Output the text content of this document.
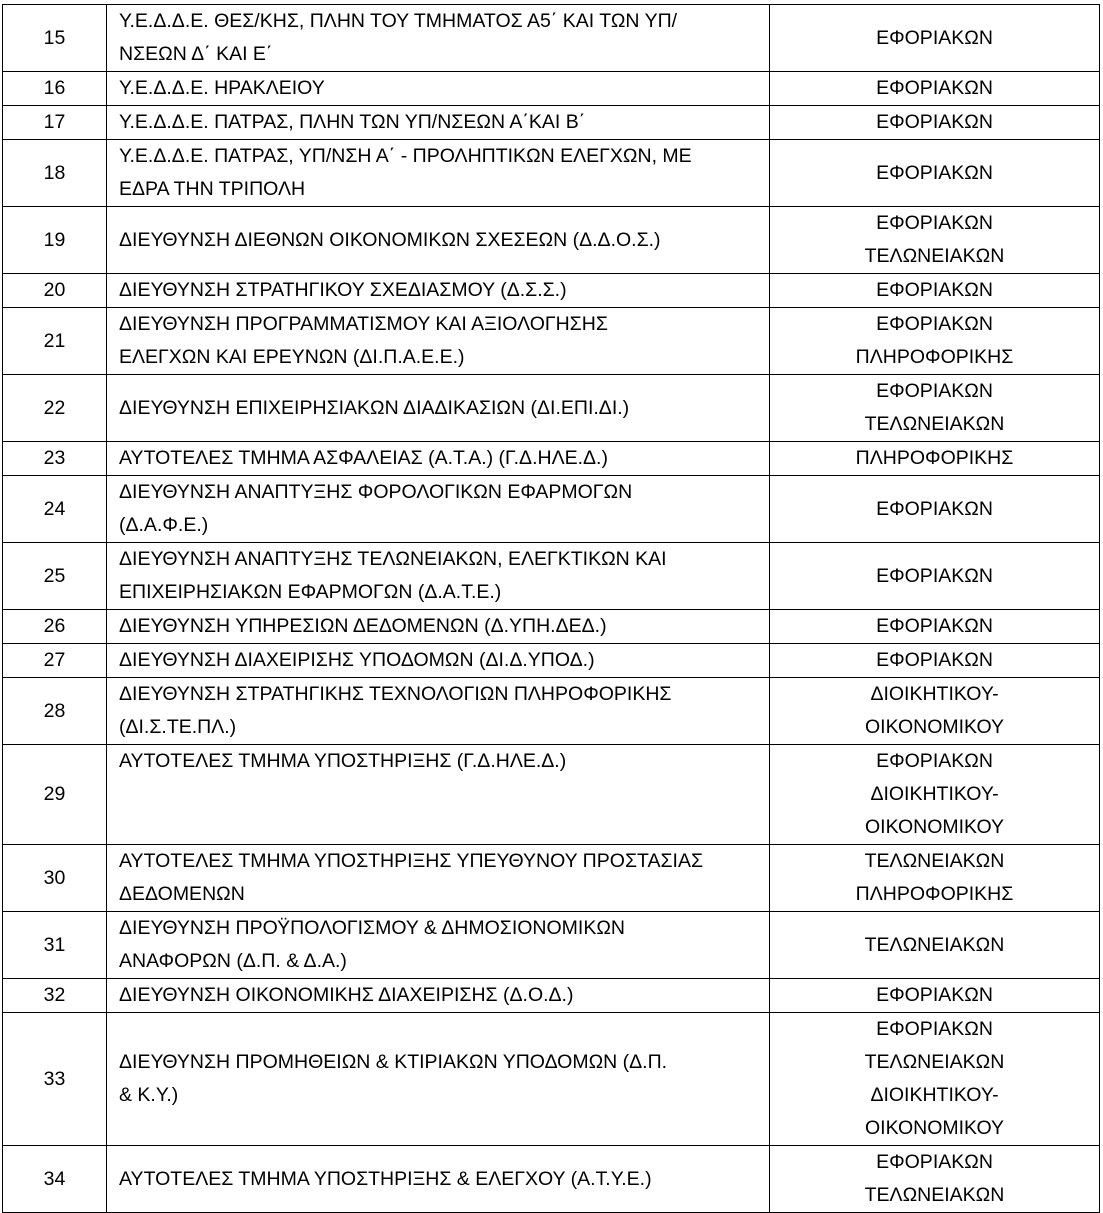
15	Υ.Ε.Δ.Δ.Ε. ΘΕΣ/ΚΗΣ, ΠΛΗΝ ΤΟΥ ΤΜΗΜΑΤΟΣ Α5΄ ΚΑΙ ΤΩΝ ΥΠ/
ΝΣΕΩΝ Δ΄ ΚΑΙ Ε΄	ΕΦΟΡΙΑΚΩΝ

16	Υ.Ε.Δ.Δ.Ε. ΗΡΑΚΛΕΙΟΥ	ΕΦΟΡΙΑΚΩΝ

17	Υ.Ε.Δ.Δ.Ε. ΠΑΤΡΑΣ, ΠΛΗΝ ΤΩΝ ΥΠ/ΝΣΕΩΝ Α΄ΚΑΙ Β΄	ΕΦΟΡΙΑΚΩΝ

18	Υ.Ε.Δ.Δ.Ε. ΠΑΤΡΑΣ, ΥΠ/ΝΣΗ Α΄ - ΠΡΟΛΗΠΤΙΚΩΝ ΕΛΕΓΧΩΝ, ΜΕ
ΕΔΡΑ ΤΗΝ ΤΡΙΠΟΛΗ	ΕΦΟΡΙΑΚΩΝ

19	ΔΙΕΥΘΥΝΣΗ ΔΙΕΘΝΩΝ ΟΙΚΟΝΟΜΙΚΩΝ ΣΧΕΣΕΩΝ (Δ.Δ.Ο.Σ.)	ΕΦΟΡΙΑΚΩΝ
ΤΕΛΩΝΕΙΑΚΩΝ

20	ΔΙΕΥΘΥΝΣΗ ΣΤΡΑΤΗΓΙΚΟΥ ΣΧΕΔΙΑΣΜΟΥ (Δ.Σ.Σ.)	ΕΦΟΡΙΑΚΩΝ

21	ΔΙΕΥΘΥΝΣΗ ΠΡΟΓΡΑΜΜΑΤΙΣΜΟΥ ΚΑΙ ΑΞΙΟΛΟΓΗΣΗΣ
ΕΛΕΓΧΩΝ ΚΑΙ ΕΡΕΥΝΩΝ (ΔΙ.Π.Α.Ε.Ε.)	ΕΦΟΡΙΑΚΩΝ
ΠΛΗΡΟΦΟΡΙΚΗΣ

22	ΔΙΕΥΘΥΝΣΗ ΕΠΙΧΕΙΡΗΣΙΑΚΩΝ ΔΙΑΔΙΚΑΣΙΩΝ (ΔΙ.ΕΠΙ.ΔΙ.)	ΕΦΟΡΙΑΚΩΝ
ΤΕΛΩΝΕΙΑΚΩΝ

23	ΑΥΤΟΤΕΛΕΣ ΤΜΗΜΑ ΑΣΦΑΛΕΙΑΣ (Α.Τ.Α.) (Γ.Δ.ΗΛΕ.Δ.)	ΠΛΗΡΟΦΟΡΙΚΗΣ

24	ΔΙΕΥΘΥΝΣΗ ΑΝΑΠΤΥΞΗΣ ΦΟΡΟΛΟΓΙΚΩΝ ΕΦΑΡΜΟΓΩΝ
(Δ.Α.Φ.Ε.)	ΕΦΟΡΙΑΚΩΝ

25	ΔΙΕΥΘΥΝΣΗ ΑΝΑΠΤΥΞΗΣ ΤΕΛΩΝΕΙΑΚΩΝ, ΕΛΕΓΚΤΙΚΩΝ ΚΑΙ
ΕΠΙΧΕΙΡΗΣΙΑΚΩΝ ΕΦΑΡΜΟΓΩΝ (Δ.Α.Τ.Ε.)	ΕΦΟΡΙΑΚΩΝ

26	ΔΙΕΥΘΥΝΣΗ ΥΠΗΡΕΣΙΩΝ ΔΕΔΟΜΕΝΩΝ (Δ.ΥΠΗ.ΔΕΔ.)	ΕΦΟΡΙΑΚΩΝ

27	ΔΙΕΥΘΥΝΣΗ ΔΙΑΧΕΙΡΙΣΗΣ ΥΠΟΔΟΜΩΝ (ΔΙ.Δ.ΥΠΟΔ.)	ΕΦΟΡΙΑΚΩΝ

28	ΔΙΕΥΘΥΝΣΗ ΣΤΡΑΤΗΓΙΚΗΣ ΤΕΧΝΟΛΟΓΙΩΝ ΠΛΗΡΟΦΟΡΙΚΗΣ
(ΔΙ.Σ.ΤΕ.ΠΛ.)	ΔΙΟΙΚΗΤΙΚΟΥ-
ΟΙΚΟΝΟΜΙΚΟΥ

29	ΑΥΤΟΤΕΛΕΣ ΤΜΗΜΑ ΥΠΟΣΤΗΡΙΞΗΣ (Γ.Δ.ΗΛΕ.Δ.)	ΕΦΟΡΙΑΚΩΝ
ΔΙΟΙΚΗΤΙΚΟΥ-
ΟΙΚΟΝΟΜΙΚΟΥ

30	ΑΥΤΟΤΕΛΕΣ ΤΜΗΜΑ ΥΠΟΣΤΗΡΙΞΗΣ ΥΠΕΥΘΥΝΟΥ ΠΡΟΣΤΑΣΙΑΣ
ΔΕΔΟΜΕΝΩΝ	ΤΕΛΩΝΕΙΑΚΩΝ
ΠΛΗΡΟΦΟΡΙΚΗΣ

31	ΔΙΕΥΘΥΝΣΗ ΠΡΟΫΠΟΛΟΓΙΣΜΟΥ & ΔΗΜΟΣΙΟΝΟΜΙΚΩΝ
ΑΝΑΦΟΡΩΝ (Δ.Π. & Δ.Α.)	ΤΕΛΩΝΕΙΑΚΩΝ

32	ΔΙΕΥΘΥΝΣΗ ΟΙΚΟΝΟΜΙΚΗΣ ΔΙΑΧΕΙΡΙΣΗΣ (Δ.Ο.Δ.)	ΕΦΟΡΙΑΚΩΝ

33	ΔΙΕΥΘΥΝΣΗ ΠΡΟΜΗΘΕΙΩΝ & ΚΤΙΡΙΑΚΩΝ ΥΠΟΔΟΜΩΝ (Δ.Π.
& Κ.Υ.)	ΕΦΟΡΙΑΚΩΝ
ΤΕΛΩΝΕΙΑΚΩΝ
ΔΙΟΙΚΗΤΙΚΟΥ-
ΟΙΚΟΝΟΜΙΚΟΥ

34	ΑΥΤΟΤΕΛΕΣ ΤΜΗΜΑ ΥΠΟΣΤΗΡΙΞΗΣ & ΕΛΕΓΧΟΥ (Α.Τ.Υ.Ε.)	ΕΦΟΡΙΑΚΩΝ
ΤΕΛΩΝΕΙΑΚΩΝ
